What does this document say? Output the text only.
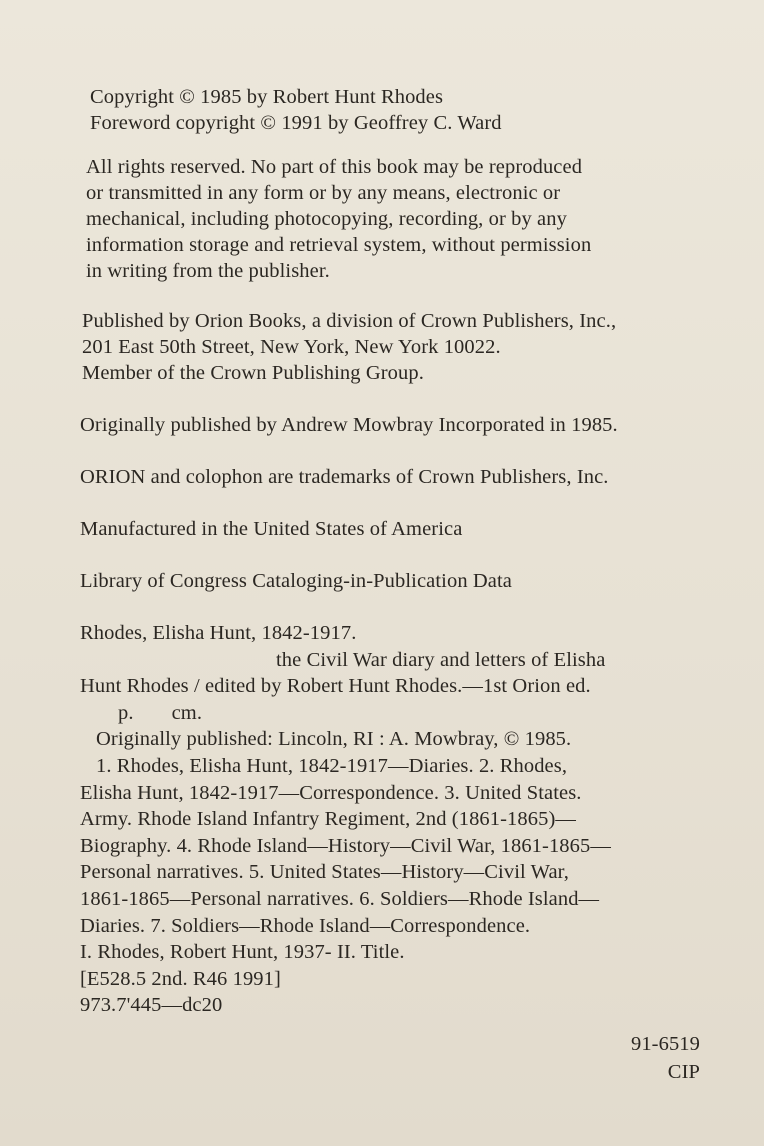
Copyright © 1985 by Robert Hunt Rhodes
Foreword copyright © 1991 by Geoffrey C. Ward
All rights reserved. No part of this book may be reproduced
or transmitted in any form or by any means, electronic or
mechanical, including photocopying, recording, or by any
information storage and retrieval system, without permission
in writing from the publisher.
Published by Orion Books, a division of Crown Publishers, Inc.,
201 East 50th Street, New York, New York 10022.
Member of the Crown Publishing Group.
Originally published by Andrew Mowbray Incorporated in 1985.
ORION and colophon are trademarks of Crown Publishers, Inc.
Manufactured in the United States of America
Library of Congress Cataloging-in-Publication Data
Rhodes, Elisha Hunt, 1842-1917.
the Civil War diary and letters of Elisha
Hunt Rhodes / edited by Robert Hunt Rhodes.—1st Orion ed.
p. cm.
Originally published: Lincoln, RI : A. Mowbray, © 1985.
1. Rhodes, Elisha Hunt, 1842-1917—Diaries. 2. Rhodes,
Elisha Hunt, 1842-1917—Correspondence. 3. United States.
Army. Rhode Island Infantry Regiment, 2nd (1861-1865)—
Biography. 4. Rhode Island—History—Civil War, 1861-1865—
Personal narratives. 5. United States—History—Civil War,
1861-1865—Personal narratives. 6. Soldiers—Rhode Island—
Diaries. 7. Soldiers—Rhode Island—Correspondence.
I. Rhodes, Robert Hunt, 1937- II. Title.
[E528.5 2nd. R46 1991]
973.7'445—dc20
91-6519
CIP
